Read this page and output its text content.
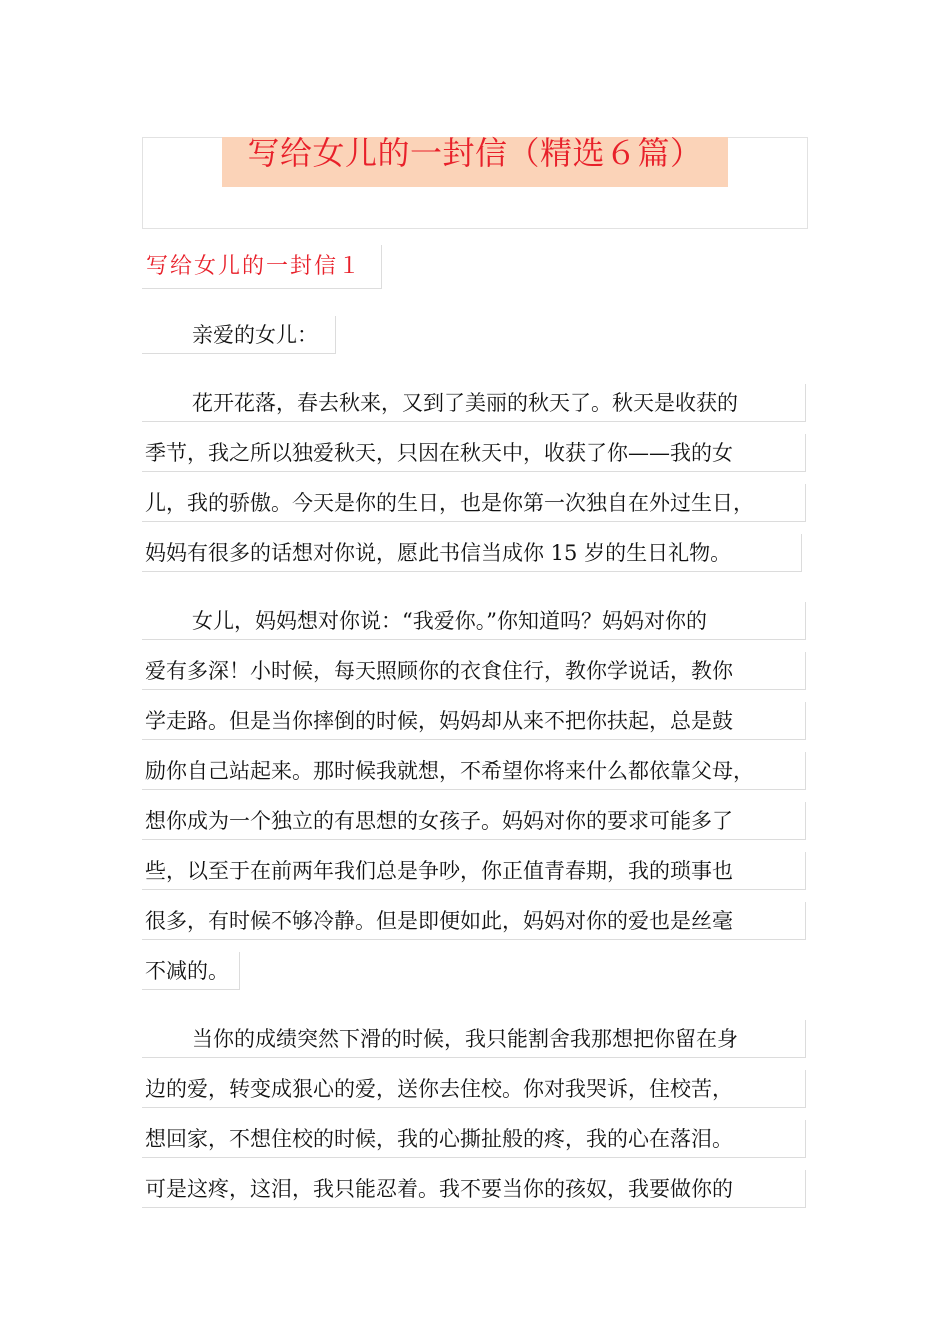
写给女儿的一封信（精选６篇）
写给女儿的一封信１
亲爱的女儿：
花开花落，春去秋来，又到了美丽的秋天了。秋天是收获的
季节，我之所以独爱秋天，只因在秋天中，收获了你——我的女
儿，我的骄傲。今天是你的生日，也是你第一次独自在外过生日，
妈妈有很多的话想对你说，愿此书信当成你 15 岁的生日礼物。
女儿，妈妈想对你说：“我爱你。”你知道吗？妈妈对你的
爱有多深！小时候，每天照顾你的衣食住行，教你学说话，教你
学走路。但是当你摔倒的时候，妈妈却从来不把你扶起，总是鼓
励你自己站起来。那时候我就想，不希望你将来什么都依靠父母，
想你成为一个独立的有思想的女孩子。妈妈对你的要求可能多了
些，以至于在前两年我们总是争吵，你正值青春期，我的琐事也
很多，有时候不够冷静。但是即便如此，妈妈对你的爱也是丝毫
不减的。
当你的成绩突然下滑的时候，我只能割舍我那想把你留在身
边的爱，转变成狠心的爱，送你去住校。你对我哭诉，住校苦，
想回家，不想住校的时候，我的心撕扯般的疼，我的心在落泪。
可是这疼，这泪，我只能忍着。我不要当你的孩奴，我要做你的
